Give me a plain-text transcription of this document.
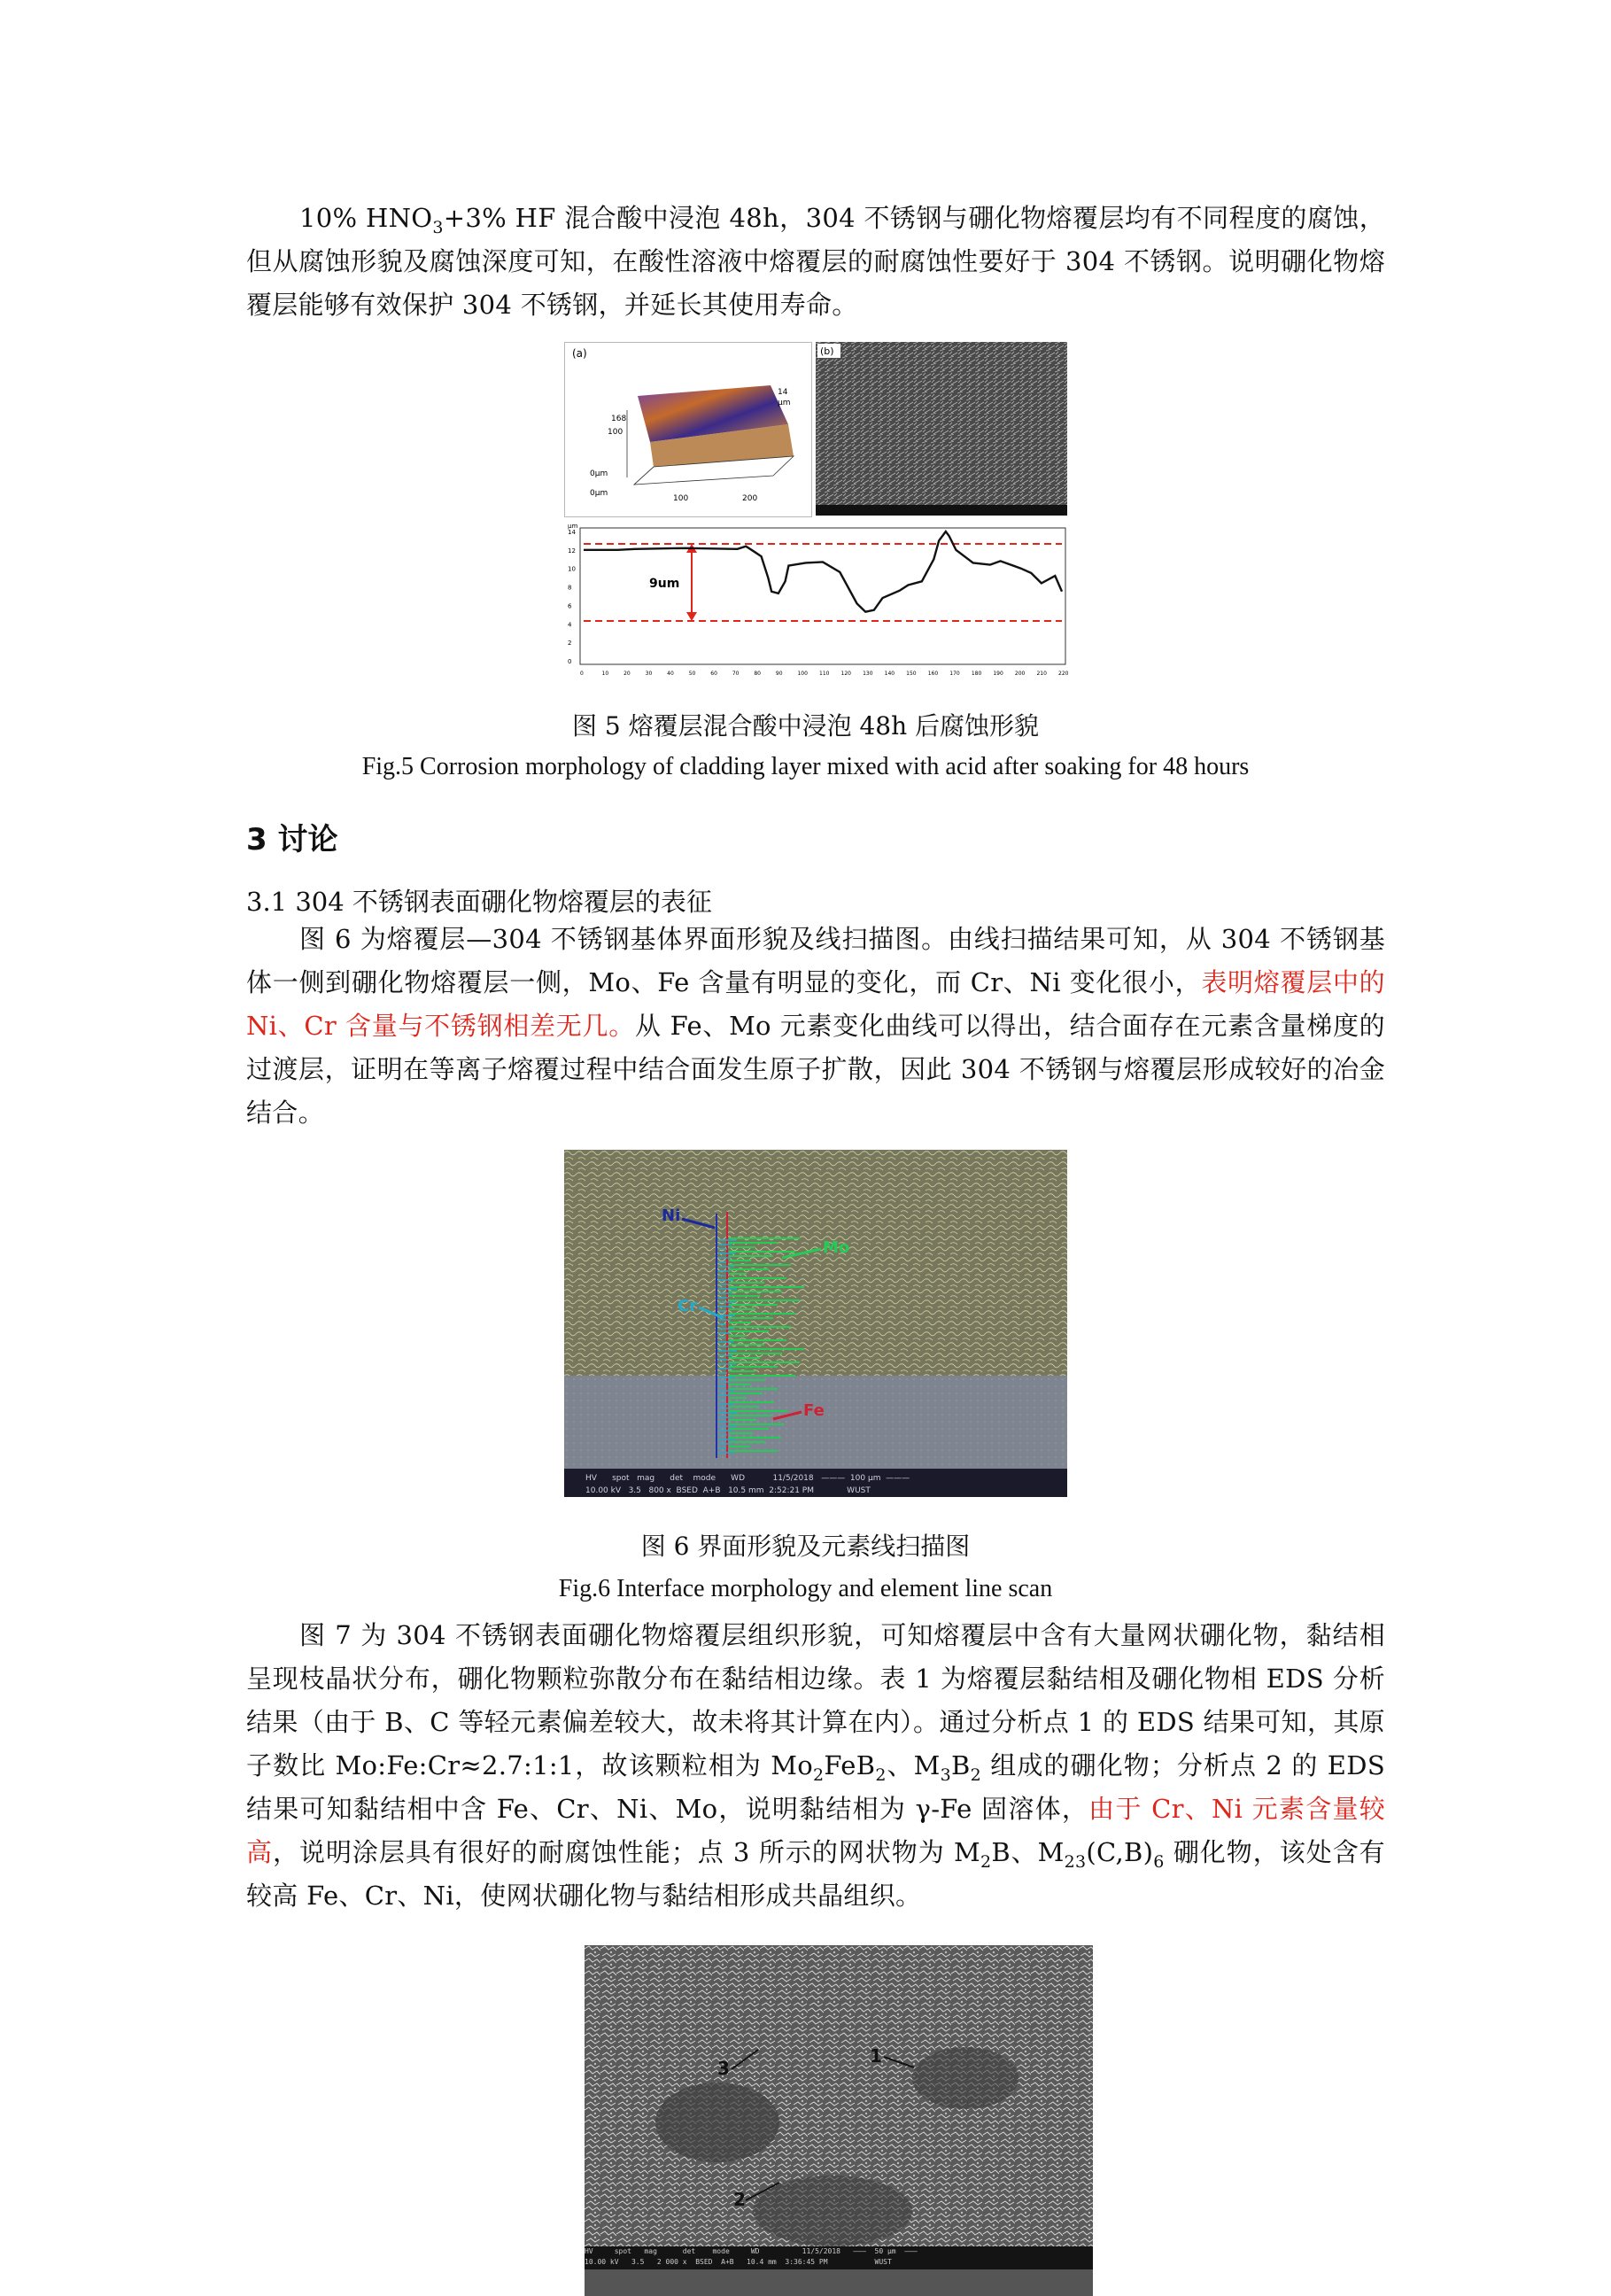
10% $HNO_3+3\%$ HF 混合酸中浸泡 48h，304 不锈钢与硼化物熔覆层均有不同程度的腐蚀，但从腐蚀形貌及腐蚀深度可知，在酸性溶液中熔覆层的耐腐蚀性要好于 304 不锈钢。说明硼化物熔覆层能够有效保护 304 不锈钢，并延长其使用寿命。

(a)
14
µm
168
100
0µm
0µm
100	200
(b)
9um
µm
14
12
10
8
6
4
2
0
0	10	20	30	40	50	60	70	80	90	100 110 120 130 140 150 160 170 180 190 200 210 220

图 5 熔覆层混合酸中浸泡 48h 后腐蚀形貌

Fig.5 Corrosion morphology of cladding layer mixed with acid after soaking for 48 hours

3 讨论
3.1 304 不锈钢表面硼化物熔覆层的表征

图 6 为熔覆层—304 不锈钢基体界面形貌及线扫描图。由线扫描结果可知，从 304 不锈钢基体一侧到硼化物熔覆层一侧，Mo、Fe 含量有明显的变化，而 Cr、Ni 变化很小，表明熔覆层中的 Ni、Cr 含量与不锈钢相差无几。从 Fe、Mo 元素变化曲线可以得出，结合面存在元素含量梯度的过渡层，证明在等离子熔覆过程中结合面发生原子扩散，因此 304 不锈钢与熔覆层形成较好的冶金结合。

Ni
Mo
Cr
Fe
HV      spot   mag      det    mode      WD           11/5/2018   ———  100 µm  ———
10.00 kV   3.5   800 x  BSED  A+B   10.5 mm  2:52:21 PM             WUST

图 6 界面形貌及元素线扫描图

Fig.6 Interface morphology and element line scan

图 7 为 304 不锈钢表面硼化物熔覆层组织形貌，可知熔覆层中含有大量网状硼化物，黏结相呈现枝晶状分布，硼化物颗粒弥散分布在黏结相边缘。表 1 为熔覆层黏结相及硼化物相 EDS 分析结果（由于 B、C 等轻元素偏差较大，故未将其计算在内）。通过分析点 1 的 EDS 结果可知，其原子数比 Mo:Fe:Cr≈2.7:1:1，故该颗粒相为 $Mo_2FeB_2$、$M_3B_2$ 组成的硼化物；分析点 2 的 EDS 结果可知黏结相中含 Fe、Cr、Ni、Mo，说明黏结相为 γ-Fe 固溶体，由于 Cr、Ni 元素含量较高，说明涂层具有很好的耐腐蚀性能；点 3 所示的网状物为 $M_2B$、$M_{23}(C,B)_6$ 硼化物，该处含有较高 Fe、Cr、Ni，使网状硼化物与黏结相形成共晶组织。

1
2
3
HV     spot   mag      det    mode     WD          11/5/2018   ———  50 µm  ———
10.00 kV   3.5   2 000 x  BSED  A+B   10.4 mm  3:36:45 PM           WUST
